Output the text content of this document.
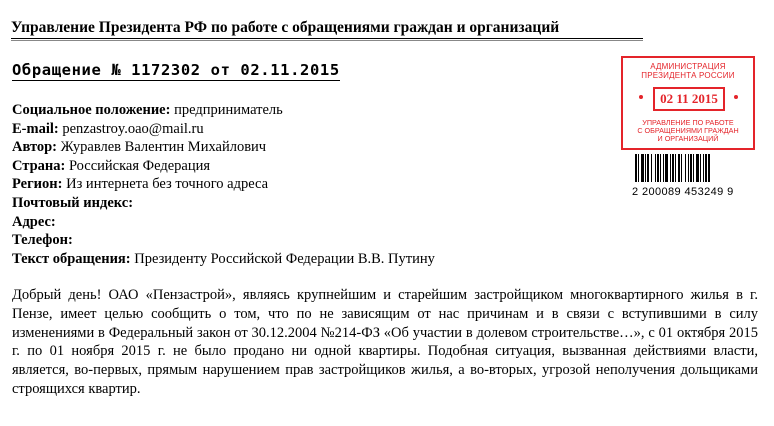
Управление Президента РФ по работе с обращениями граждан и организаций
Обращение № 1172302 от 02.11.2015
Социальное положение: предприниматель
E-mail: penzastroy.oao@mail.ru
Автор: Журавлев Валентин Михайлович
Страна: Российская Федерация
Регион: Из интернета без точного адреса
Почтовый индекс:
Адрес:
Телефон:
Текст обращения: Президенту Российской Федерации В.В. Путину
Добрый день! ОАО «Пензастрой», являясь крупнейшим и старейшим застройщиком многоквартирного жилья в г. Пензе, имеет целью сообщить о том, что по не зависящим от нас причинам и в связи с вступившими в силу изменениями в Федеральный закон от 30.12.2004 №214-ФЗ «Об участии в долевом строительстве…», с 01 октября 2015 г. по 01 ноября 2015 г. не было продано ни одной квартиры. Подобная ситуация, вызванная действиями власти, является, во-первых, прямым нарушением прав застройщиков жилья, а во-вторых, угрозой неполучения дольщиками строящихся квартир.
АДМИНИСТРАЦИЯ
ПРЕЗИДЕНТА РОССИИ
02 11 2015
УПРАВЛЕНИЕ ПО РАБОТЕ
С ОБРАЩЕНИЯМИ ГРАЖДАН
И ОРГАНИЗАЦИЙ
2 200089 453249 9
